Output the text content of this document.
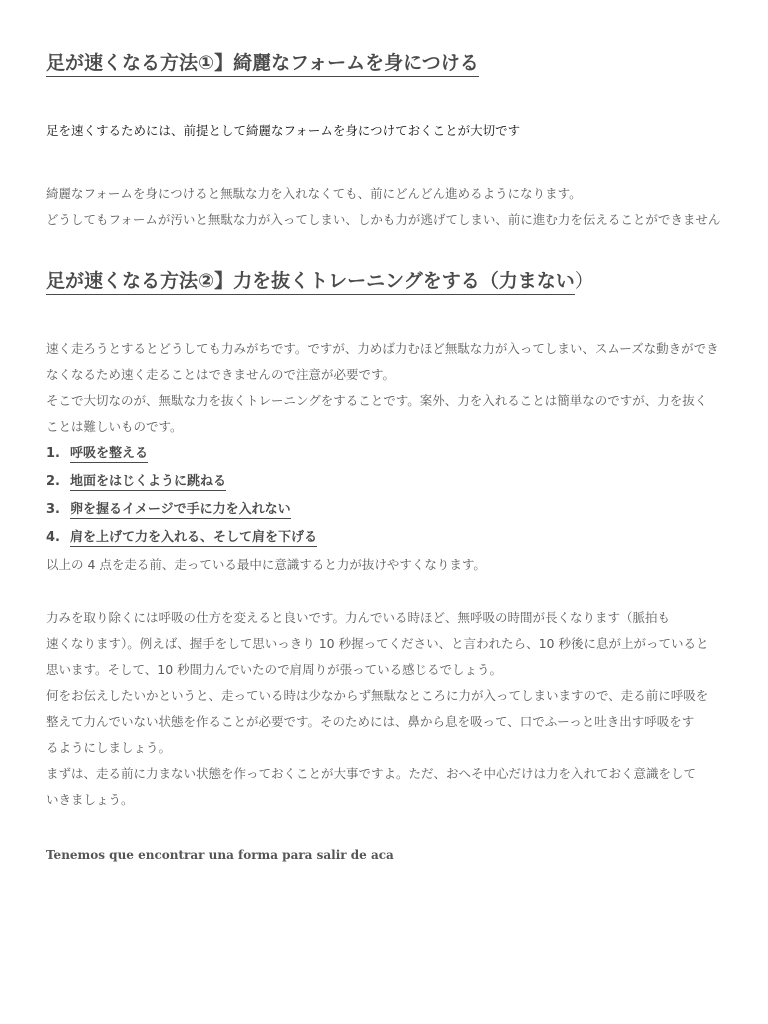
足が速くなる方法①】綺麗なフォームを身につける
足を速くするためには、前提として綺麗なフォームを身につけておくことが大切です
綺麗なフォームを身につけると無駄な力を入れなくても、前にどんどん進めるようになります。
どうしてもフォームが汚いと無駄な力が入ってしまい、しかも力が逃げてしまい、前に進む力を伝えることができません
足が速くなる方法②】力を抜くトレーニングをする（力まない）
速く走ろうとするとどうしても力みがちです。ですが、力めば力むほど無駄な力が入ってしまい、スムーズな動きができ
なくなるため速く走ることはできませんので注意が必要です。
そこで大切なのが、無駄な力を抜くトレーニングをすることです。案外、力を入れることは簡単なのですが、力を抜く
ことは難しいものです。
1. 呼吸を整える
2. 地面をはじくように跳ねる
3. 卵を握るイメージで手に力を入れない
4. 肩を上げて力を入れる、そして肩を下げる
以上の 4 点を走る前、走っている最中に意識すると力が抜けやすくなります。
力みを取り除くには呼吸の仕方を変えると良いです。力んでいる時ほど、無呼吸の時間が長くなります（脈拍も
速くなります）。例えば、握手をして思いっきり 10 秒握ってください、と言われたら、10 秒後に息が上がっていると
思います。そして、10 秒間力んでいたので肩周りが張っている感じるでしょう。
何をお伝えしたいかというと、走っている時は少なからず無駄なところに力が入ってしまいますので、走る前に呼吸を
整えて力んでいない状態を作ることが必要です。そのためには、鼻から息を吸って、口でふーっと吐き出す呼吸をす
るようにしましょう。
まずは、走る前に力まない状態を作っておくことが大事ですよ。ただ、おへそ中心だけは力を入れておく意識をして
いきましょう。
Tenemos que encontrar una forma para salir de aca
